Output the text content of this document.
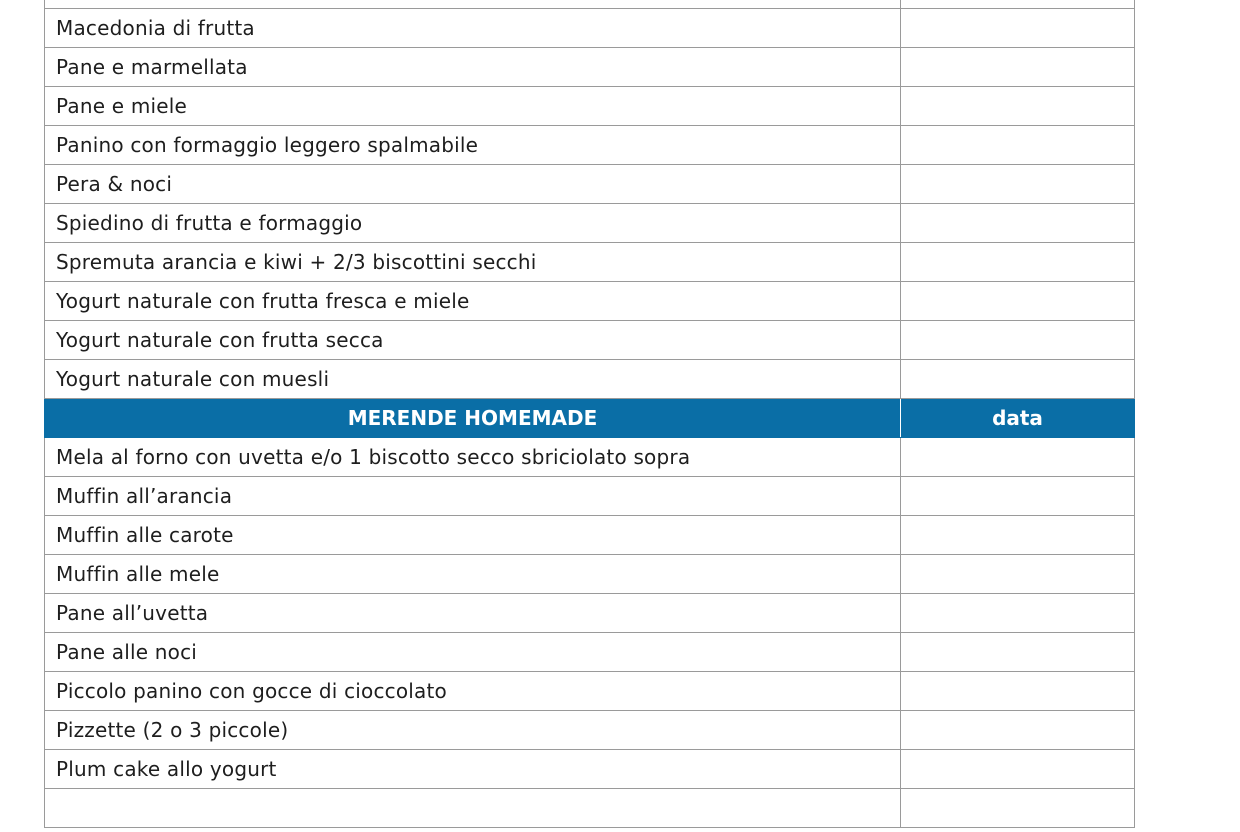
Macedonia di frutta	
Pane e marmellata	
Pane e miele	
Panino con formaggio leggero spalmabile	
Pera & noci	
Spiedino di frutta e formaggio	
Spremuta arancia e kiwi + 2/3 biscottini secchi	
Yogurt naturale con frutta fresca e miele	
Yogurt naturale con frutta secca	
Yogurt naturale con muesli	
MERENDE HOMEMADE	data
Mela al forno con uvetta e/o 1 biscotto secco sbriciolato sopra	
Muffin all’arancia	
Muffin alle carote	
Muffin alle mele	
Pane all’uvetta	
Pane alle noci	
Piccolo panino con gocce di cioccolato	
Pizzette (2 o 3 piccole)	
Plum cake allo yogurt	
